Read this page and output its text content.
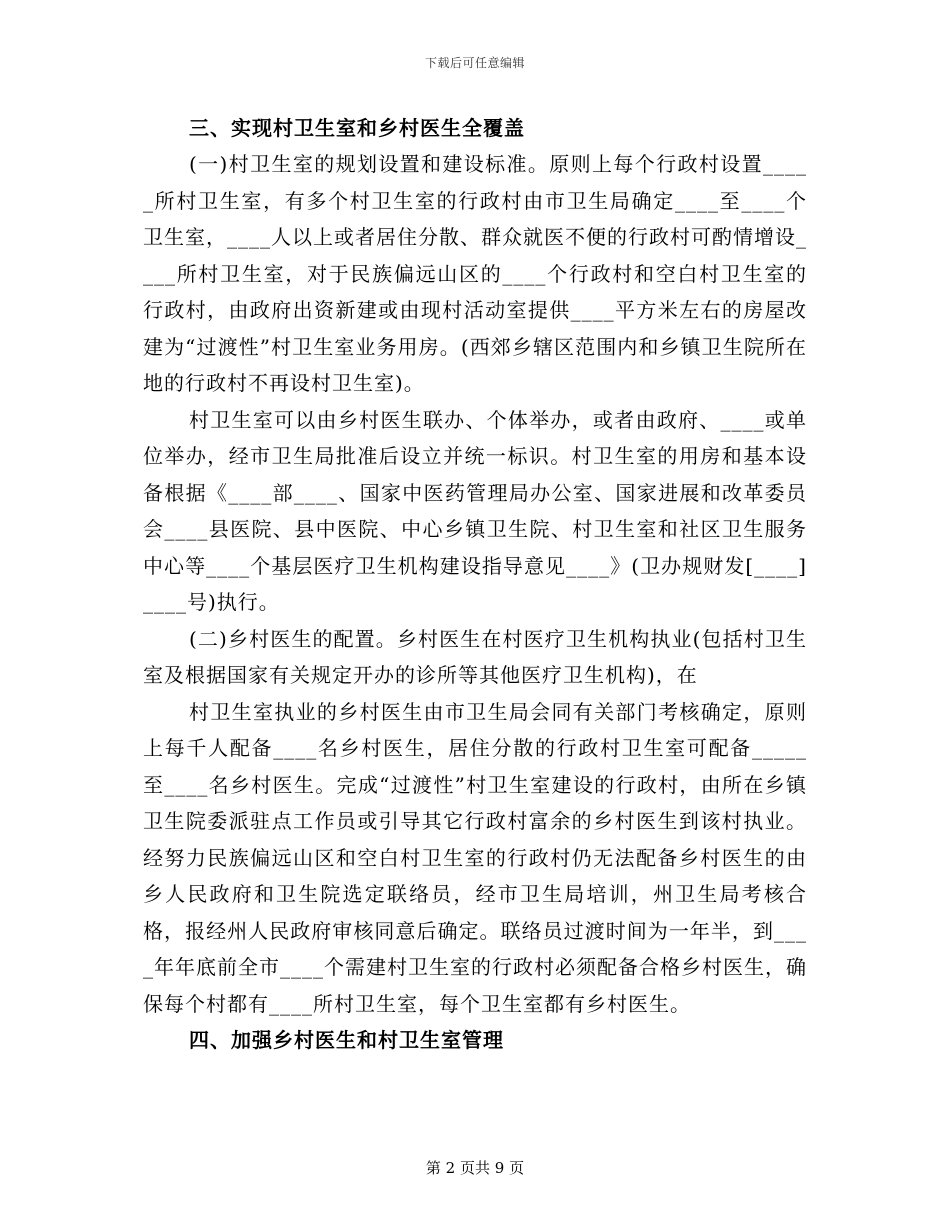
下载后可任意编辑
三、实现村卫生室和乡村医生全覆盖

(一)村卫生室的规划设置和建设标准。原则上每个行政村设置_____所村卫生室，有多个村卫生室的行政村由市卫生局确定____至____个卫生室，____人以上或者居住分散、群众就医不便的行政村可酌情增设____所村卫生室，对于民族偏远山区的____个行政村和空白村卫生室的行政村，由政府出资新建或由现村活动室提供____平方米左右的房屋改建为“过渡性”村卫生室业务用房。(西郊乡辖区范围内和乡镇卫生院所在地的行政村不再设村卫生室)。

村卫生室可以由乡村医生联办、个体举办，或者由政府、____或单位举办，经市卫生局批准后设立并统一标识。村卫生室的用房和基本设备根据《____部____、国家中医药管理局办公室、国家进展和改革委员会____县医院、县中医院、中心乡镇卫生院、村卫生室和社区卫生服务中心等____个基层医疗卫生机构建设指导意见____》(卫办规财发[____]____号)执行。

(二)乡村医生的配置。乡村医生在村医疗卫生机构执业(包括村卫生室及根据国家有关规定开办的诊所等其他医疗卫生机构)，在

村卫生室执业的乡村医生由市卫生局会同有关部门考核确定，原则上每千人配备____名乡村医生，居住分散的行政村卫生室可配备_____至____名乡村医生。完成“过渡性”村卫生室建设的行政村，由所在乡镇卫生院委派驻点工作员或引导其它行政村富余的乡村医生到该村执业。经努力民族偏远山区和空白村卫生室的行政村仍无法配备乡村医生的由乡人民政府和卫生院选定联络员，经市卫生局培训，州卫生局考核合格，报经州人民政府审核同意后确定。联络员过渡时间为一年半，到____年年底前全市____个需建村卫生室的行政村必须配备合格乡村医生，确保每个村都有____所村卫生室，每个卫生室都有乡村医生。

四、加强乡村医生和村卫生室管理
第 2 页共 9 页
